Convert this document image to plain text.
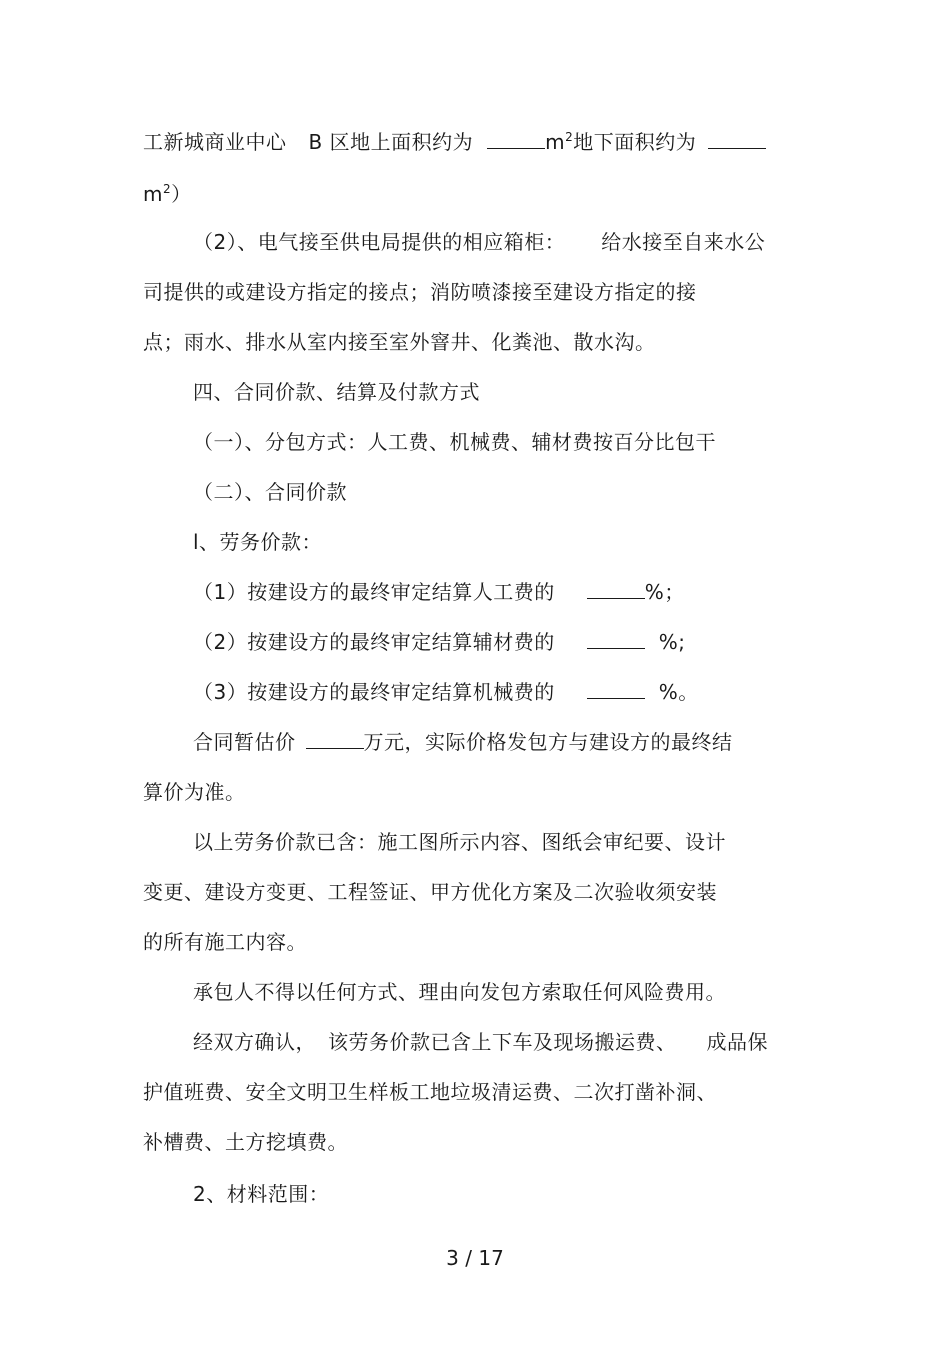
工新城商业中心 B 区地上面积约为	$m^2$地下面积约为
$m^2$）
（2）、电气接至供电局提供的相应箱柜： 给水接至自来水公
司提供的或建设方指定的接点；消防喷漆接至建设方指定的接
点；雨水、排水从室内接至室外窨井、化粪池、散水沟。
四、合同价款、结算及付款方式
（一）、分包方式：人工费、机械费、辅材费按百分比包干
（二）、合同价款
l、劳务价款：
（1）按建设方的最终审定结算人工费的	%；
（2）按建设方的最终审定结算辅材费的	%;
（3）按建设方的最终审定结算机械费的	%。
合同暂估价	万元，实际价格发包方与建设方的最终结
算价为准。
以上劳务价款已含：施工图所示内容、图纸会审纪要、设计
变更、建设方变更、工程签证、甲方优化方案及二次验收须安装
的所有施工内容。
承包人不得以任何方式、理由向发包方索取任何风险费用。
经双方确认， 该劳务价款已含上下车及现场搬运费、 成品保
护值班费、安全文明卫生样板工地垃圾清运费、二次打凿补洞、
补槽费、土方挖填费。
2、材料范围：
3 / 17
